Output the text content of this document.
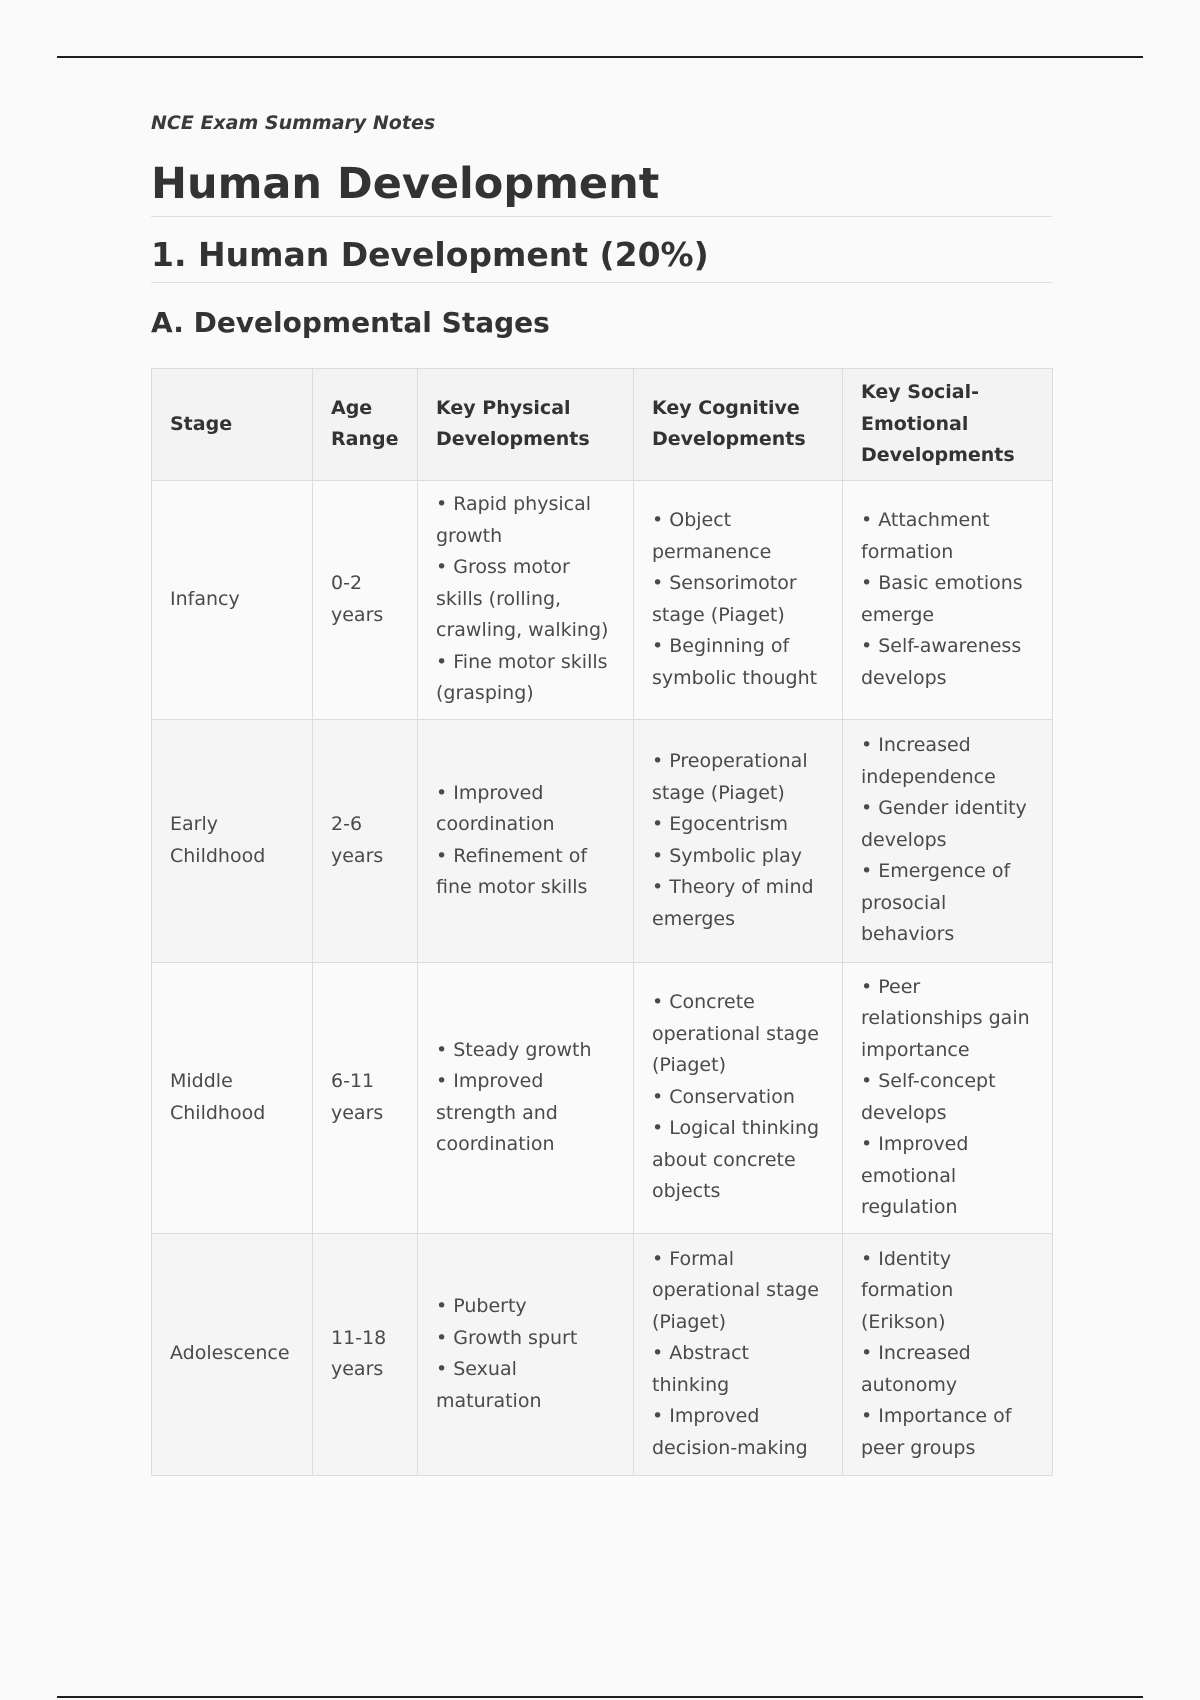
NCE Exam Summary Notes

Human Development
1. Human Development (20%)
A. Developmental Stages
Stage	Age Range	Key Physical Developments	Key Cognitive Developments	Key Social-Emotional Developments
Infancy	0-2 years	• Rapid physical growth
• Gross motor skills (rolling, crawling, walking)
• Fine motor skills (grasping)	• Object permanence
• Sensorimotor stage (Piaget)
• Beginning of symbolic thought	• Attachment formation
• Basic emotions emerge
• Self-awareness develops

Early Childhood	2-6 years	• Improved coordination
• Refinement of fine motor skills	• Preoperational stage (Piaget)
• Egocentrism
• Symbolic play
• Theory of mind emerges	• Increased independence
• Gender identity develops
• Emergence of prosocial behaviors

Middle Childhood	6-11 years	• Steady growth
• Improved strength and coordination	• Concrete operational stage (Piaget)
• Conservation
• Logical thinking about concrete objects	• Peer relationships gain importance
• Self-concept develops
• Improved emotional regulation

Adolescence	11-18 years	• Puberty
• Growth spurt
• Sexual maturation	• Formal operational stage (Piaget)
• Abstract thinking
• Improved decision-making	• Identity formation (Erikson)
• Increased autonomy
• Importance of peer groups
